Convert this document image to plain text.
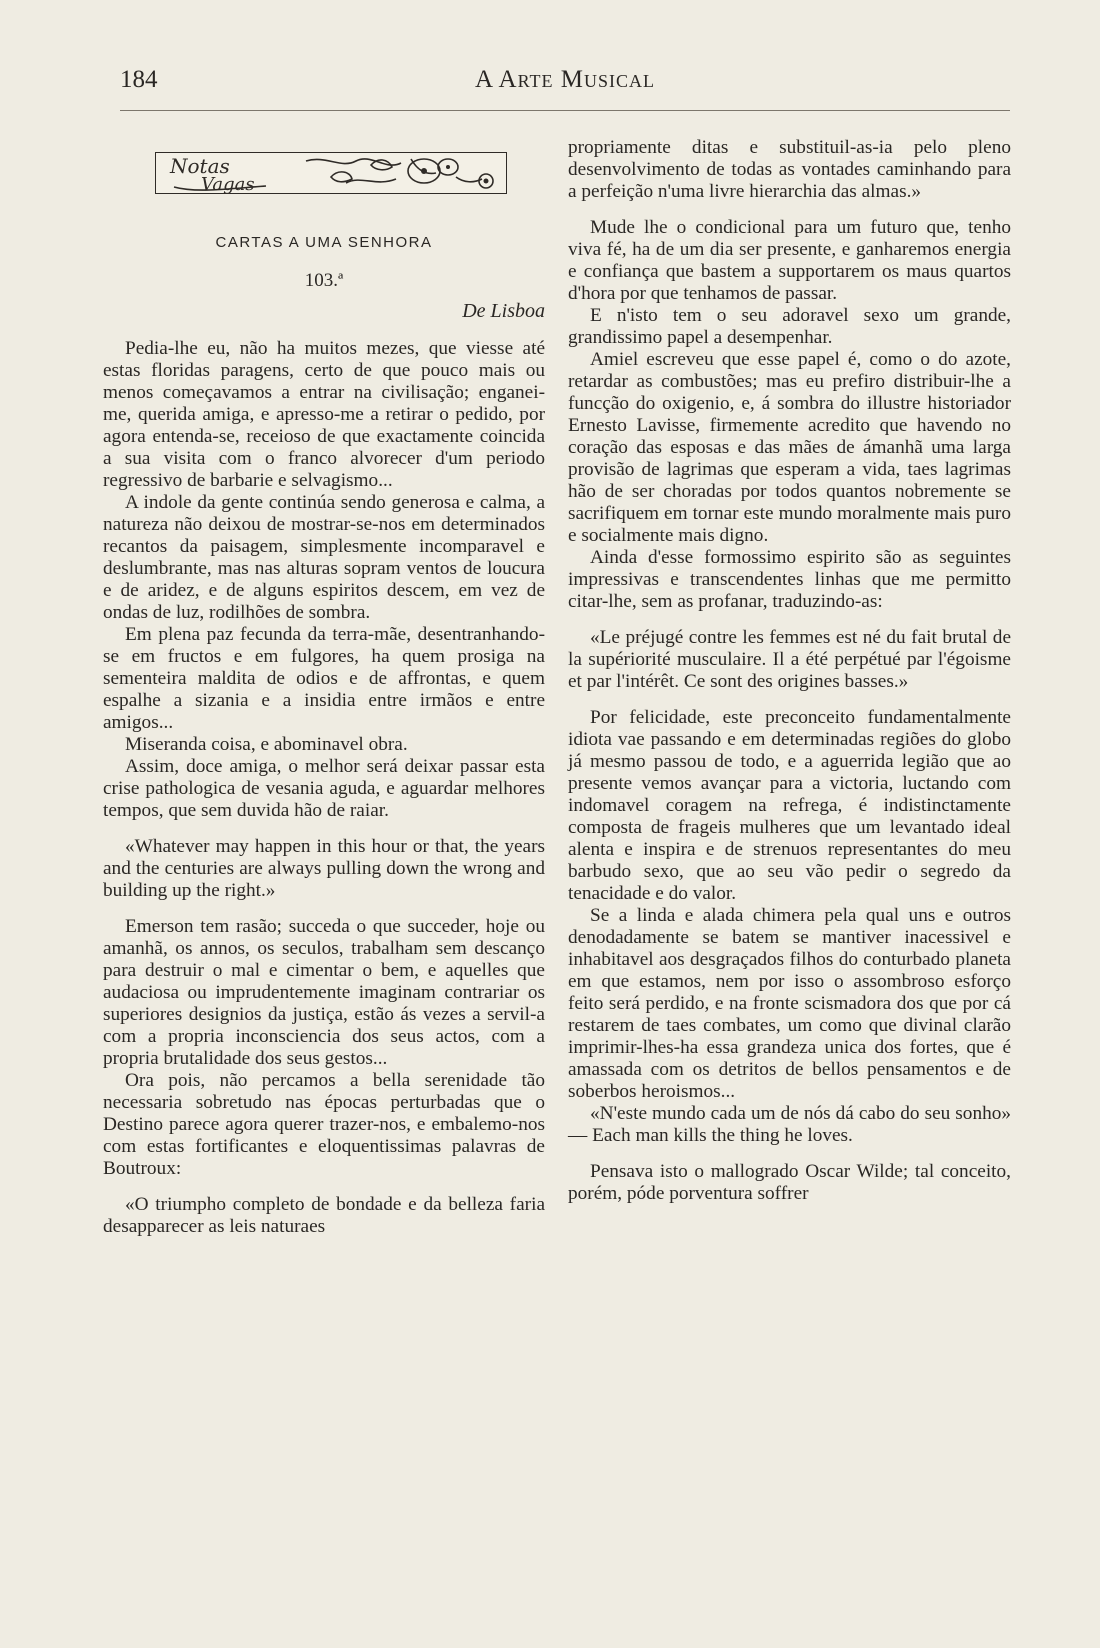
184	A Arte Musical
Notas
Vagas
CARTAS A UMA SENHORA
103.ª
De Lisboa

Pedia-lhe eu, não ha muitos mezes, que viesse até estas floridas paragens, certo de que pouco mais ou menos começavamos a entrar na civilisação; enganei-me, querida amiga, e apresso-me a retirar o pedido, por agora entenda-se, receioso de que exactamente coincida a sua visita com o franco alvorecer d'um periodo regressivo de barbarie e selvagismo...

A indole da gente continúa sendo generosa e calma, a natureza não deixou de mostrar-se-nos em determinados recantos da paisagem, simplesmente incomparavel e deslumbrante, mas nas alturas sopram ventos de loucura e de aridez, e de alguns espiritos descem, em vez de ondas de luz, rodilhões de sombra.

Em plena paz fecunda da terra-mãe, desentranhando-se em fructos e em fulgores, ha quem prosiga na sementeira maldita de odios e de affrontas, e quem espalhe a sizania e a insidia entre irmãos e entre amigos...

Miseranda coisa, e abominavel obra.

Assim, doce amiga, o melhor será deixar passar esta crise pathologica de vesania aguda, e aguardar melhores tempos, que sem duvida hão de raiar.

«Whatever may happen in this hour or that, the years and the centuries are always pulling down the wrong and building up the right.»

Emerson tem rasão; succeda o que succeder, hoje ou amanhã, os annos, os seculos, trabalham sem descanço para destruir o mal e cimentar o bem, e aquelles que audaciosa ou imprudentemente imaginam contrariar os superiores designios da justiça, estão ás vezes a servil-a com a propria inconsciencia dos seus actos, com a propria brutalidade dos seus gestos...

Ora pois, não percamos a bella serenidade tão necessaria sobretudo nas épocas perturbadas que o Destino parece agora querer trazer-nos, e embalemo-nos com estas fortificantes e eloquentissimas palavras de Boutroux:

«O triumpho completo de bondade e da belleza faria desapparecer as leis naturaes

propriamente ditas e substituil-as-ia pelo pleno desenvolvimento de todas as vontades caminhando para a perfeição n'uma livre hierarchia das almas.»

Mude lhe o condicional para um futuro que, tenho viva fé, ha de um dia ser presente, e ganharemos energia e confiança que bastem a supportarem os maus quartos d'hora por que tenhamos de passar.

E n'isto tem o seu adoravel sexo um grande, grandissimo papel a desempenhar.

Amiel escreveu que esse papel é, como o do azote, retardar as combustões; mas eu prefiro distribuir-lhe a funcção do oxigenio, e, á sombra do illustre historiador Ernesto Lavisse, firmemente acredito que havendo no coração das esposas e das mães de ámanhã uma larga provisão de lagrimas que esperam a vida, taes lagrimas hão de ser choradas por todos quantos nobremente se sacrifiquem em tornar este mundo moralmente mais puro e socialmente mais digno.

Ainda d'esse formossimo espirito são as seguintes impressivas e transcendentes linhas que me permitto citar-lhe, sem as profanar, traduzindo-as:

«Le préjugé contre les femmes est né du fait brutal de la supériorité musculaire. Il a été perpétué par l'égoisme et par l'intérêt. Ce sont des origines basses.»

Por felicidade, este preconceito fundamentalmente idiota vae passando e em determinadas regiões do globo já mesmo passou de todo, e a aguerrida legião que ao presente vemos avançar para a victoria, luctando com indomavel coragem na refrega, é indistinctamente composta de frageis mulheres que um levantado ideal alenta e inspira e de strenuos representantes do meu barbudo sexo, que ao seu vão pedir o segredo da tenacidade e do valor.

Se a linda e alada chimera pela qual uns e outros denodadamente se batem se mantiver inacessivel e inhabitavel aos desgraçados filhos do conturbado planeta em que estamos, nem por isso o assombroso esforço feito será perdido, e na fronte scismadora dos que por cá restarem de taes combates, um como que divinal clarão imprimir-lhes-ha essa grandeza unica dos fortes, que é amassada com os detritos de bellos pensamentos e de soberbos heroismos...

«N'este mundo cada um de nós dá cabo do seu sonho» — Each man kills the thing he loves.

Pensava isto o mallogrado Oscar Wilde; tal conceito, porém, póde porventura soffrer
